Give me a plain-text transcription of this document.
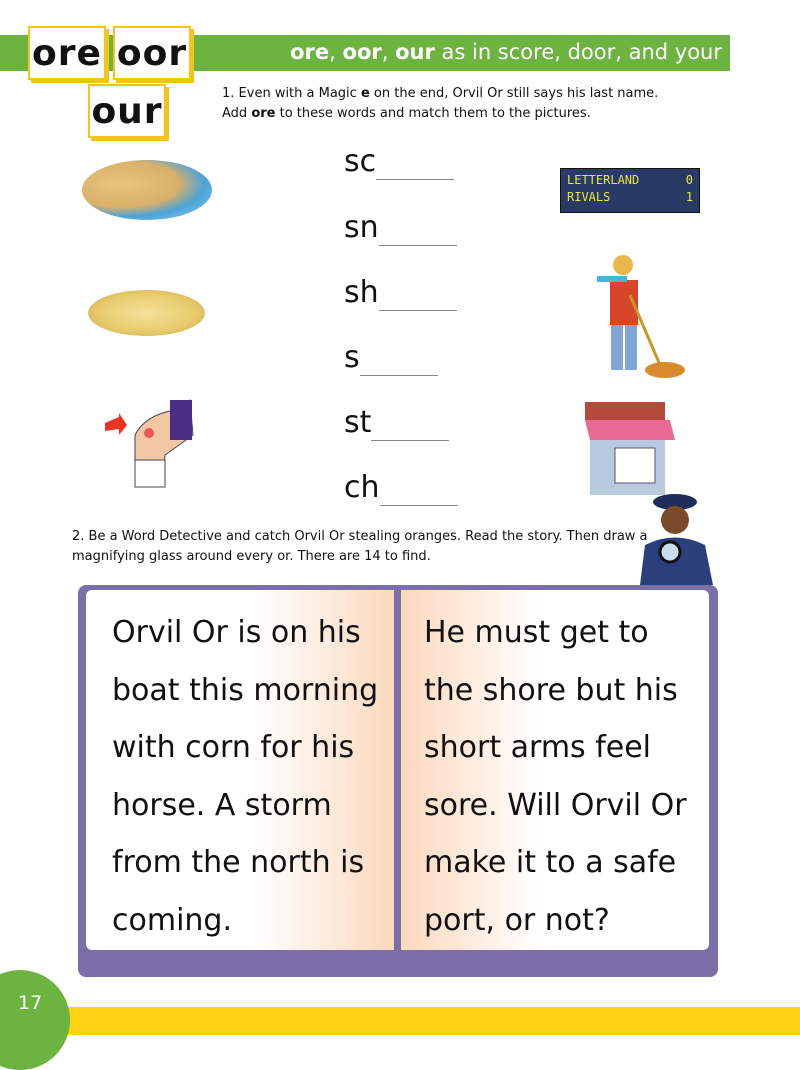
ore, oor, our as in score, door, and your
ore oor
our	1. Even with a Magic e on the end, Orvil Or still says his last name.
Add ore to these words and match them to the pictures.
sc
sn
sh
s
st
ch
LETTERLAND	0
RIVALS	1
2. Be a Word Detective and catch Orvil Or stealing oranges. Read the story. Then draw a
magnifying glass around every or. There are 14 to find.
Orvil Or is on his
boat this morning
with corn for his
horse. A storm
from the north is
coming.
He must get to
the shore but his
short arms feel
sore. Will Orvil Or
make it to a safe
port, or not?
17
